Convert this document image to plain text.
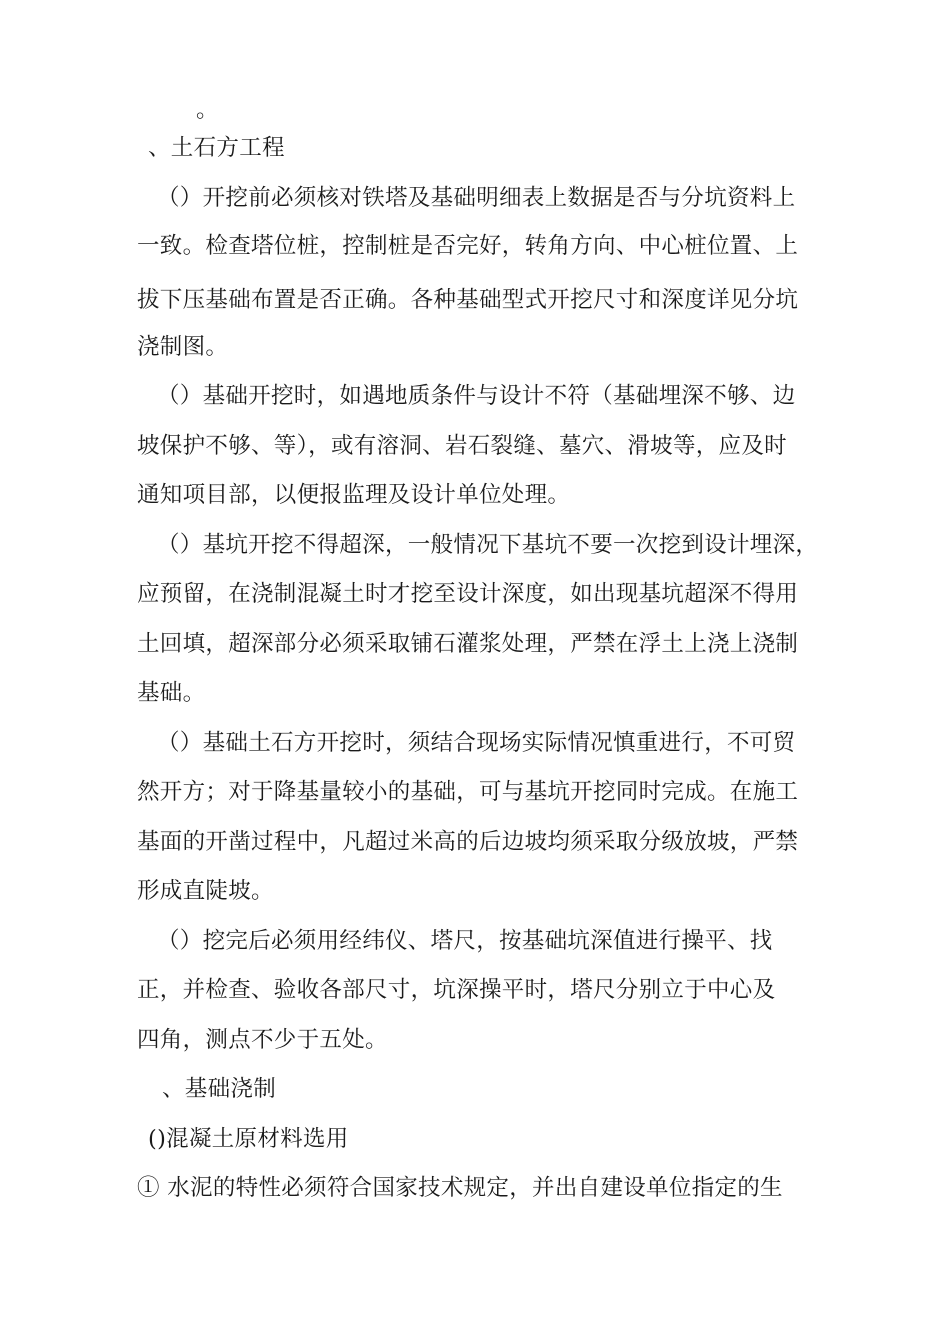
。
、土石方工程
（）开挖前必须核对铁塔及基础明细表上数据是否与分坑资料上
一致。检查塔位桩，控制桩是否完好，转角方向、中心桩位置、上
拔下压基础布置是否正确。各种基础型式开挖尺寸和深度详见分坑
浇制图。
（）基础开挖时，如遇地质条件与设计不符（基础埋深不够、边
坡保护不够、等），或有溶洞、岩石裂缝、墓穴、滑坡等，应及时
通知项目部，以便报监理及设计单位处理。
（）基坑开挖不得超深，一般情况下基坑不要一次挖到设计埋深，
应预留，在浇制混凝土时才挖至设计深度，如出现基坑超深不得用
土回填，超深部分必须采取铺石灌浆处理，严禁在浮土上浇上浇制
基础。
（）基础土石方开挖时，须结合现场实际情况慎重进行，不可贸
然开方；对于降基量较小的基础，可与基坑开挖同时完成。在施工
基面的开凿过程中，凡超过米高的后边坡均须采取分级放坡，严禁
形成直陡坡。
（）挖完后必须用经纬仪、塔尺，按基础坑深值进行操平、找
正，并检查、验收各部尺寸，坑深操平时，塔尺分别立于中心及
四角，测点不少于五处。
、基础浇制
()混凝土原材料选用
① 水泥的特性必须符合国家技术规定，并出自建设单位指定的生
